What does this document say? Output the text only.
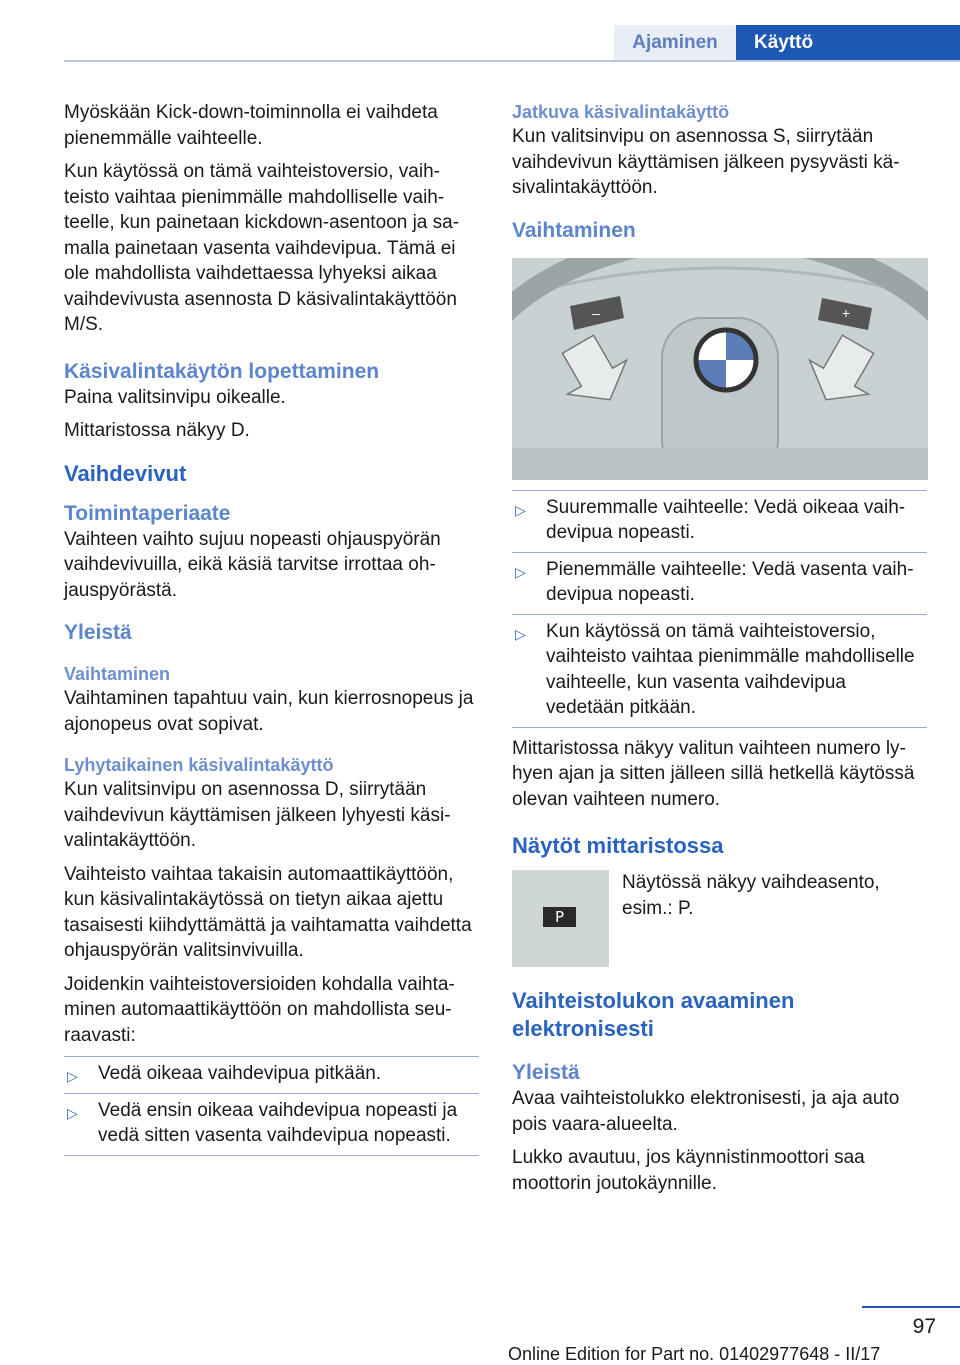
Ajaminen	Käyttö

Myöskään Kick-down-toiminnolla ei vaihdeta pienemmälle vaihteelle.

Kun käytössä on tämä vaihteistoversio, vaihteisto vaihtaa pienimmälle mahdolliselle vaihteelle, kun painetaan kickdown-asentoon ja samalla painetaan vasenta vaihdevipua. Tämä ei ole mahdollista vaihdettaessa lyhyeksi aikaa vaihdevivusta asennosta D käsivalintakäyttöön M/S.

Käsivalintakäytön lopettaminen

Paina valitsinvipu oikealle.

Mittaristossa näkyy D.

Vaihdevivut
Toimintaperiaate

Vaihteen vaihto sujuu nopeasti ohjauspyörän vaihdevivuilla, eikä käsiä tarvitse irrottaa ohjauspyörästä.

Yleistä
Vaihtaminen

Vaihtaminen tapahtuu vain, kun kierrosnopeus ja ajonopeus ovat sopivat.

Lyhytaikainen käsivalintakäyttö

Kun valitsinvipu on asennossa D, siirrytään vaihdevivun käyttämisen jälkeen lyhyesti käsivalintakäyttöön.

Vaihteisto vaihtaa takaisin automaattikäyttöön, kun käsivalintakäytössä on tietyn aikaa ajettu tasaisesti kiihdyttämättä ja vaihtamatta vaihdetta ohjauspyörän valitsinvivuilla.

Joidenkin vaihteistoversioiden kohdalla vaihtaminen automaattikäyttöön on mahdollista seuraavasti:

▷ Vedä oikeaa vaihdevipua pitkään.
▷ Vedä ensin oikeaa vaihdevipua nopeasti ja vedä sitten vasenta vaihdevipua nopeasti.
Jatkuva käsivalintakäyttö

Kun valitsinvipu on asennossa S, siirrytään vaihdevivun käyttämisen jälkeen pysyvästi käsivalintakäyttöön.

Vaihtaminen
–	+
▷ Suuremmalle vaihteelle: Vedä oikeaa vaihdevipua nopeasti.
▷ Pienemmälle vaihteelle: Vedä vasenta vaihdevipua nopeasti.
▷ Kun käytössä on tämä vaihteistoversio, vaihteisto vaihtaa pienimmälle mahdolliselle vaihteelle, kun vasenta vaihdevipua vedetään pitkään.

Mittaristossa näkyy valitun vaihteen numero lyhyen ajan ja sitten jälleen sillä hetkellä käytössä olevan vaihteen numero.

Näytöt mittaristossa
P
Näytössä näkyy vaihdeasento, esim.: P.
Vaihteistolukon avaaminen elektronisesti
Yleistä

Avaa vaihteistolukko elektronisesti, ja aja auto pois vaara-alueelta.

Lukko avautuu, jos käynnistinmoottori saa moottorin joutokäynnille.

97
Online Edition for Part no. 01402977648 - II/17
